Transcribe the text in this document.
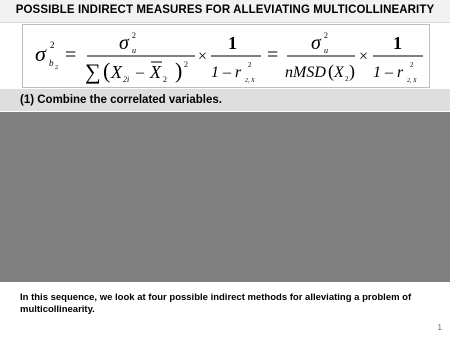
POSSIBLE INDIRECT MEASURES FOR ALLEVIATING MULTICOLLINEARITY
σ 2
b 2
=
σ 2
u
∑ ( X 2i – X 2 ) 2 ×
1
1 – r 2
2, X
=
σ 2
u
nMSD ( X 2 )
×
1
1 – r 2
2, X
(1) Combine the correlated variables.
In this sequence, we look at four possible indirect methods for alleviating a problem of multicollinearity.
1
